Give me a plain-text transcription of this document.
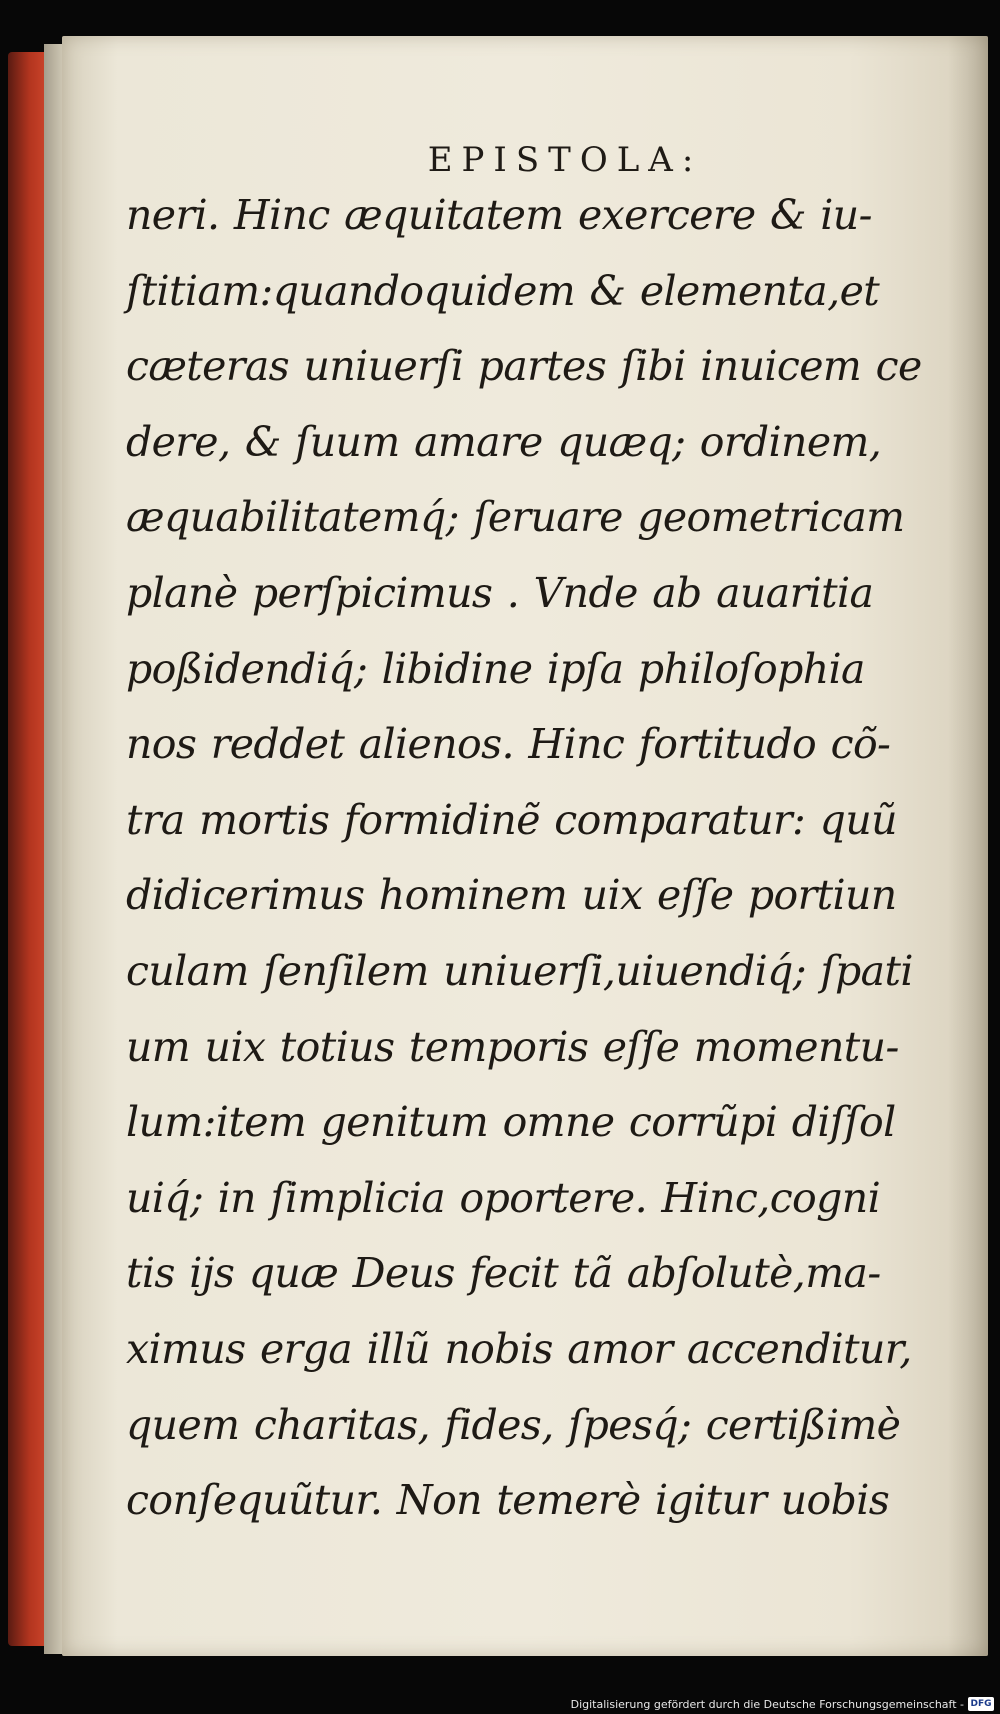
EPISTOLA:
neri. Hinc æquitatem exercere & iu-
ſtitiam:quandoquidem & elementa,et
cæteras uniuerſi partes ſibi inuicem ce
dere, & ſuum amare quæq; ordinem,
æquabilitatemq́; ſeruare geometricam
planè perſpicimus . Vnde ab auaritia
poßidendiq́; libidine ipſa philoſophia
nos reddet alienos. Hinc fortitudo cõ-
tra mortis formidinẽ comparatur: quũ
didicerimus hominem uix eſſe portiun
culam ſenſilem uniuerſi,uiuendiq́; ſpati
um uix totius temporis eſſe momentu-
lum:item genitum omne corrũpi diſſol
uiq́; in ſimplicia oportere. Hinc,cogni
tis ijs quæ Deus fecit tã abſolutè,ma-
ximus erga illũ nobis amor accenditur,
quem charitas, fides, ſpesq́; certißimè
conſequũtur. Non temerè igitur uobis
Digitalisierung gefördert durch die Deutsche Forschungsgemeinschaft - DFG
